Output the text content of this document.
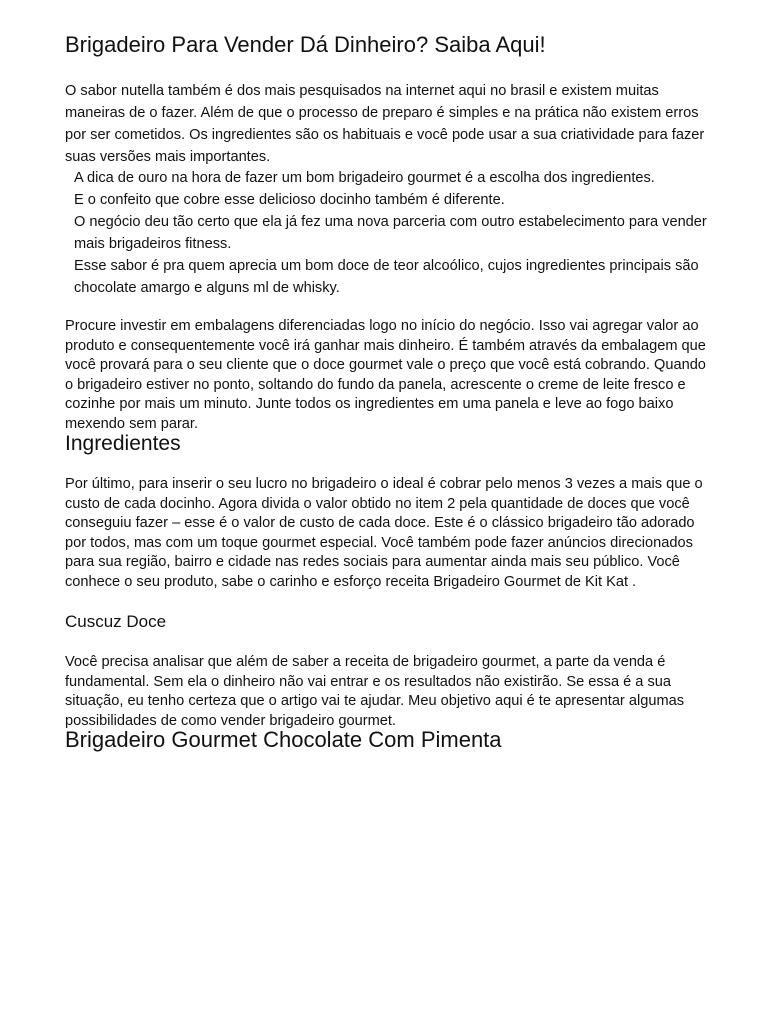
Brigadeiro Para Vender Dá Dinheiro? Saiba Aqui!

O sabor nutella também é dos mais pesquisados na internet aqui no brasil e existem muitas maneiras de o fazer. Além de que o processo de preparo é simples e na prática não existem erros por ser cometidos. Os ingredientes são os habituais e você pode usar a sua criatividade para fazer suas versões mais importantes.

A dica de ouro na hora de fazer um bom brigadeiro gourmet é a escolha dos ingredientes.
E o confeito que cobre esse delicioso docinho também é diferente.
O negócio deu tão certo que ela já fez uma nova parceria com outro estabelecimento para vender mais brigadeiros fitness.
Esse sabor é pra quem aprecia um bom doce de teor alcoólico, cujos ingredientes principais são chocolate amargo e alguns ml de whisky.

Procure investir em embalagens diferenciadas logo no início do negócio. Isso vai agregar valor ao produto e consequentemente você irá ganhar mais dinheiro. É também através da embalagem que você provará para o seu cliente que o doce gourmet vale o preço que você está cobrando. Quando o brigadeiro estiver no ponto, soltando do fundo da panela, acrescente o creme de leite fresco e cozinhe por mais um minuto. Junte todos os ingredientes em uma panela e leve ao fogo baixo mexendo sem parar.

Ingredientes

Por último, para inserir o seu lucro no brigadeiro o ideal é cobrar pelo menos 3 vezes a mais que o custo de cada docinho. Agora divida o valor obtido no item 2 pela quantidade de doces que você conseguiu fazer – esse é o valor de custo de cada doce. Este é o clássico brigadeiro tão adorado por todos, mas com um toque gourmet especial. Você também pode fazer anúncios direcionados para sua região, bairro e cidade nas redes sociais para aumentar ainda mais seu público. Você conhece o seu produto, sabe o carinho e esforço receita Brigadeiro Gourmet de Kit Kat .

Cuscuz Doce

Você precisa analisar que além de saber a receita de brigadeiro gourmet, a parte da venda é fundamental. Sem ela o dinheiro não vai entrar e os resultados não existirão. Se essa é a sua situação, eu tenho certeza que o artigo vai te ajudar. Meu objetivo aqui é te apresentar algumas possibilidades de como vender brigadeiro gourmet.

Brigadeiro Gourmet Chocolate Com Pimenta
